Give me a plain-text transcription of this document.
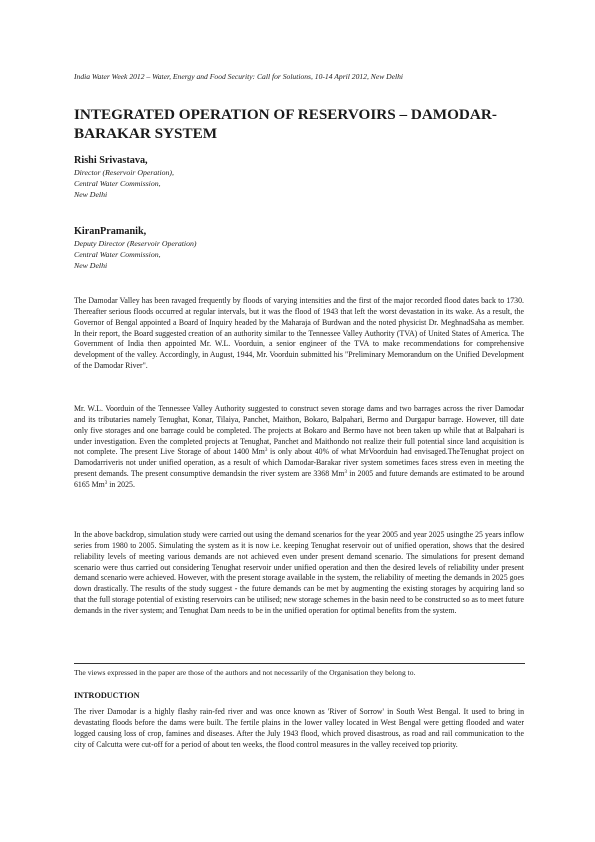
India Water Week 2012 – Water, Energy and Food Security: Call for Solutions, 10-14 April 2012, New Delhi
INTEGRATED OPERATION OF RESERVOIRS – DAMODAR-BARAKAR SYSTEM
Rishi Srivastava,
Director (Reservoir Operation),
Central Water Commission,
New Delhi
KiranPramanik,
Deputy Director (Reservoir Operation)
Central Water Commission,
New Delhi

The Damodar Valley has been ravaged frequently by floods of varying intensities and the first of the major recorded flood dates back to 1730. Thereafter serious floods occurred at regular intervals, but it was the flood of 1943 that left the worst devastation in its wake. As a result, the Governor of Bengal appointed a Board of Inquiry headed by the Maharaja of Burdwan and the noted physicist Dr. MeghnadSaha as member. In their report, the Board suggested creation of an authority similar to the Tennessee Valley Authority (TVA) of United States of America. The Government of India then appointed Mr. W.L. Voorduin, a senior engineer of the TVA to make recommendations for comprehensive development of the valley. Accordingly, in August, 1944, Mr. Voorduin submitted his "Preliminary Memorandum on the Unified Development of the Damodar River".

Mr. W.L. Voorduin of the Tennessee Valley Authority suggested to construct seven storage dams and two barrages across the river Damodar and its tributaries namely Tenughat, Konar, Tilaiya, Panchet, Maithon, Bokaro, Balpahari, Bermo and Durgapur barrage. However, till date only five storages and one barrage could be completed. The projects at Bokaro and Bermo have not been taken up while that at Balpahari is under investigation. Even the completed projects at Tenughat, Panchet and Maithondo not realize their full potential since land acquisition is not complete. The present Live Storage of about 1400 Mm$^3$ is only about 40% of what MrVoorduin had envisaged.TheTenughat project on Damodarriveris not under unified operation, as a result of which Damodar-Barakar river system sometimes faces stress even in meeting the present demands. The present consumptive demandsin the river system are 3368 Mm$^3$ in 2005 and future demands are estimated to be around 6165 Mm$^3$ in 2025.

In the above backdrop, simulation study were carried out using the demand scenarios for the year 2005 and year 2025 usingthe 25 years inflow series from 1980 to 2005. Simulating the system as it is now i.e. keeping Tenughat reservoir out of unified operation, shows that the desired reliability levels of meeting various demands are not achieved even under present demand scenario. The simulations for present demand scenario were thus carried out considering Tenughat reservoir under unified operation and then the desired levels of reliability under present demand scenario were achieved. However, with the present storage available in the system, the reliability of meeting the demands in 2025 goes down drastically. The results of the study suggest - the future demands can be met by augmenting the existing storages by acquiring land so that the full storage potential of existing reservoirs can be utilised; new storage schemes in the basin need to be constructed so as to meet future demands in the river system; and Tenughat Dam needs to be in the unified operation for optimal benefits from the system.

The views expressed in the paper are those of the authors and not necessarily of the Organisation they belong to.
INTRODUCTION

The river Damodar is a highly flashy rain-fed river and was once known as 'River of Sorrow' in South West Bengal. It used to bring in devastating floods before the dams were built. The fertile plains in the lower valley located in West Bengal were getting flooded and water logged causing loss of crop, famines and diseases. After the July 1943 flood, which proved disastrous, as road and rail communication to the city of Calcutta were cut-off for a period of about ten weeks, the flood control measures in the valley received top priority.
